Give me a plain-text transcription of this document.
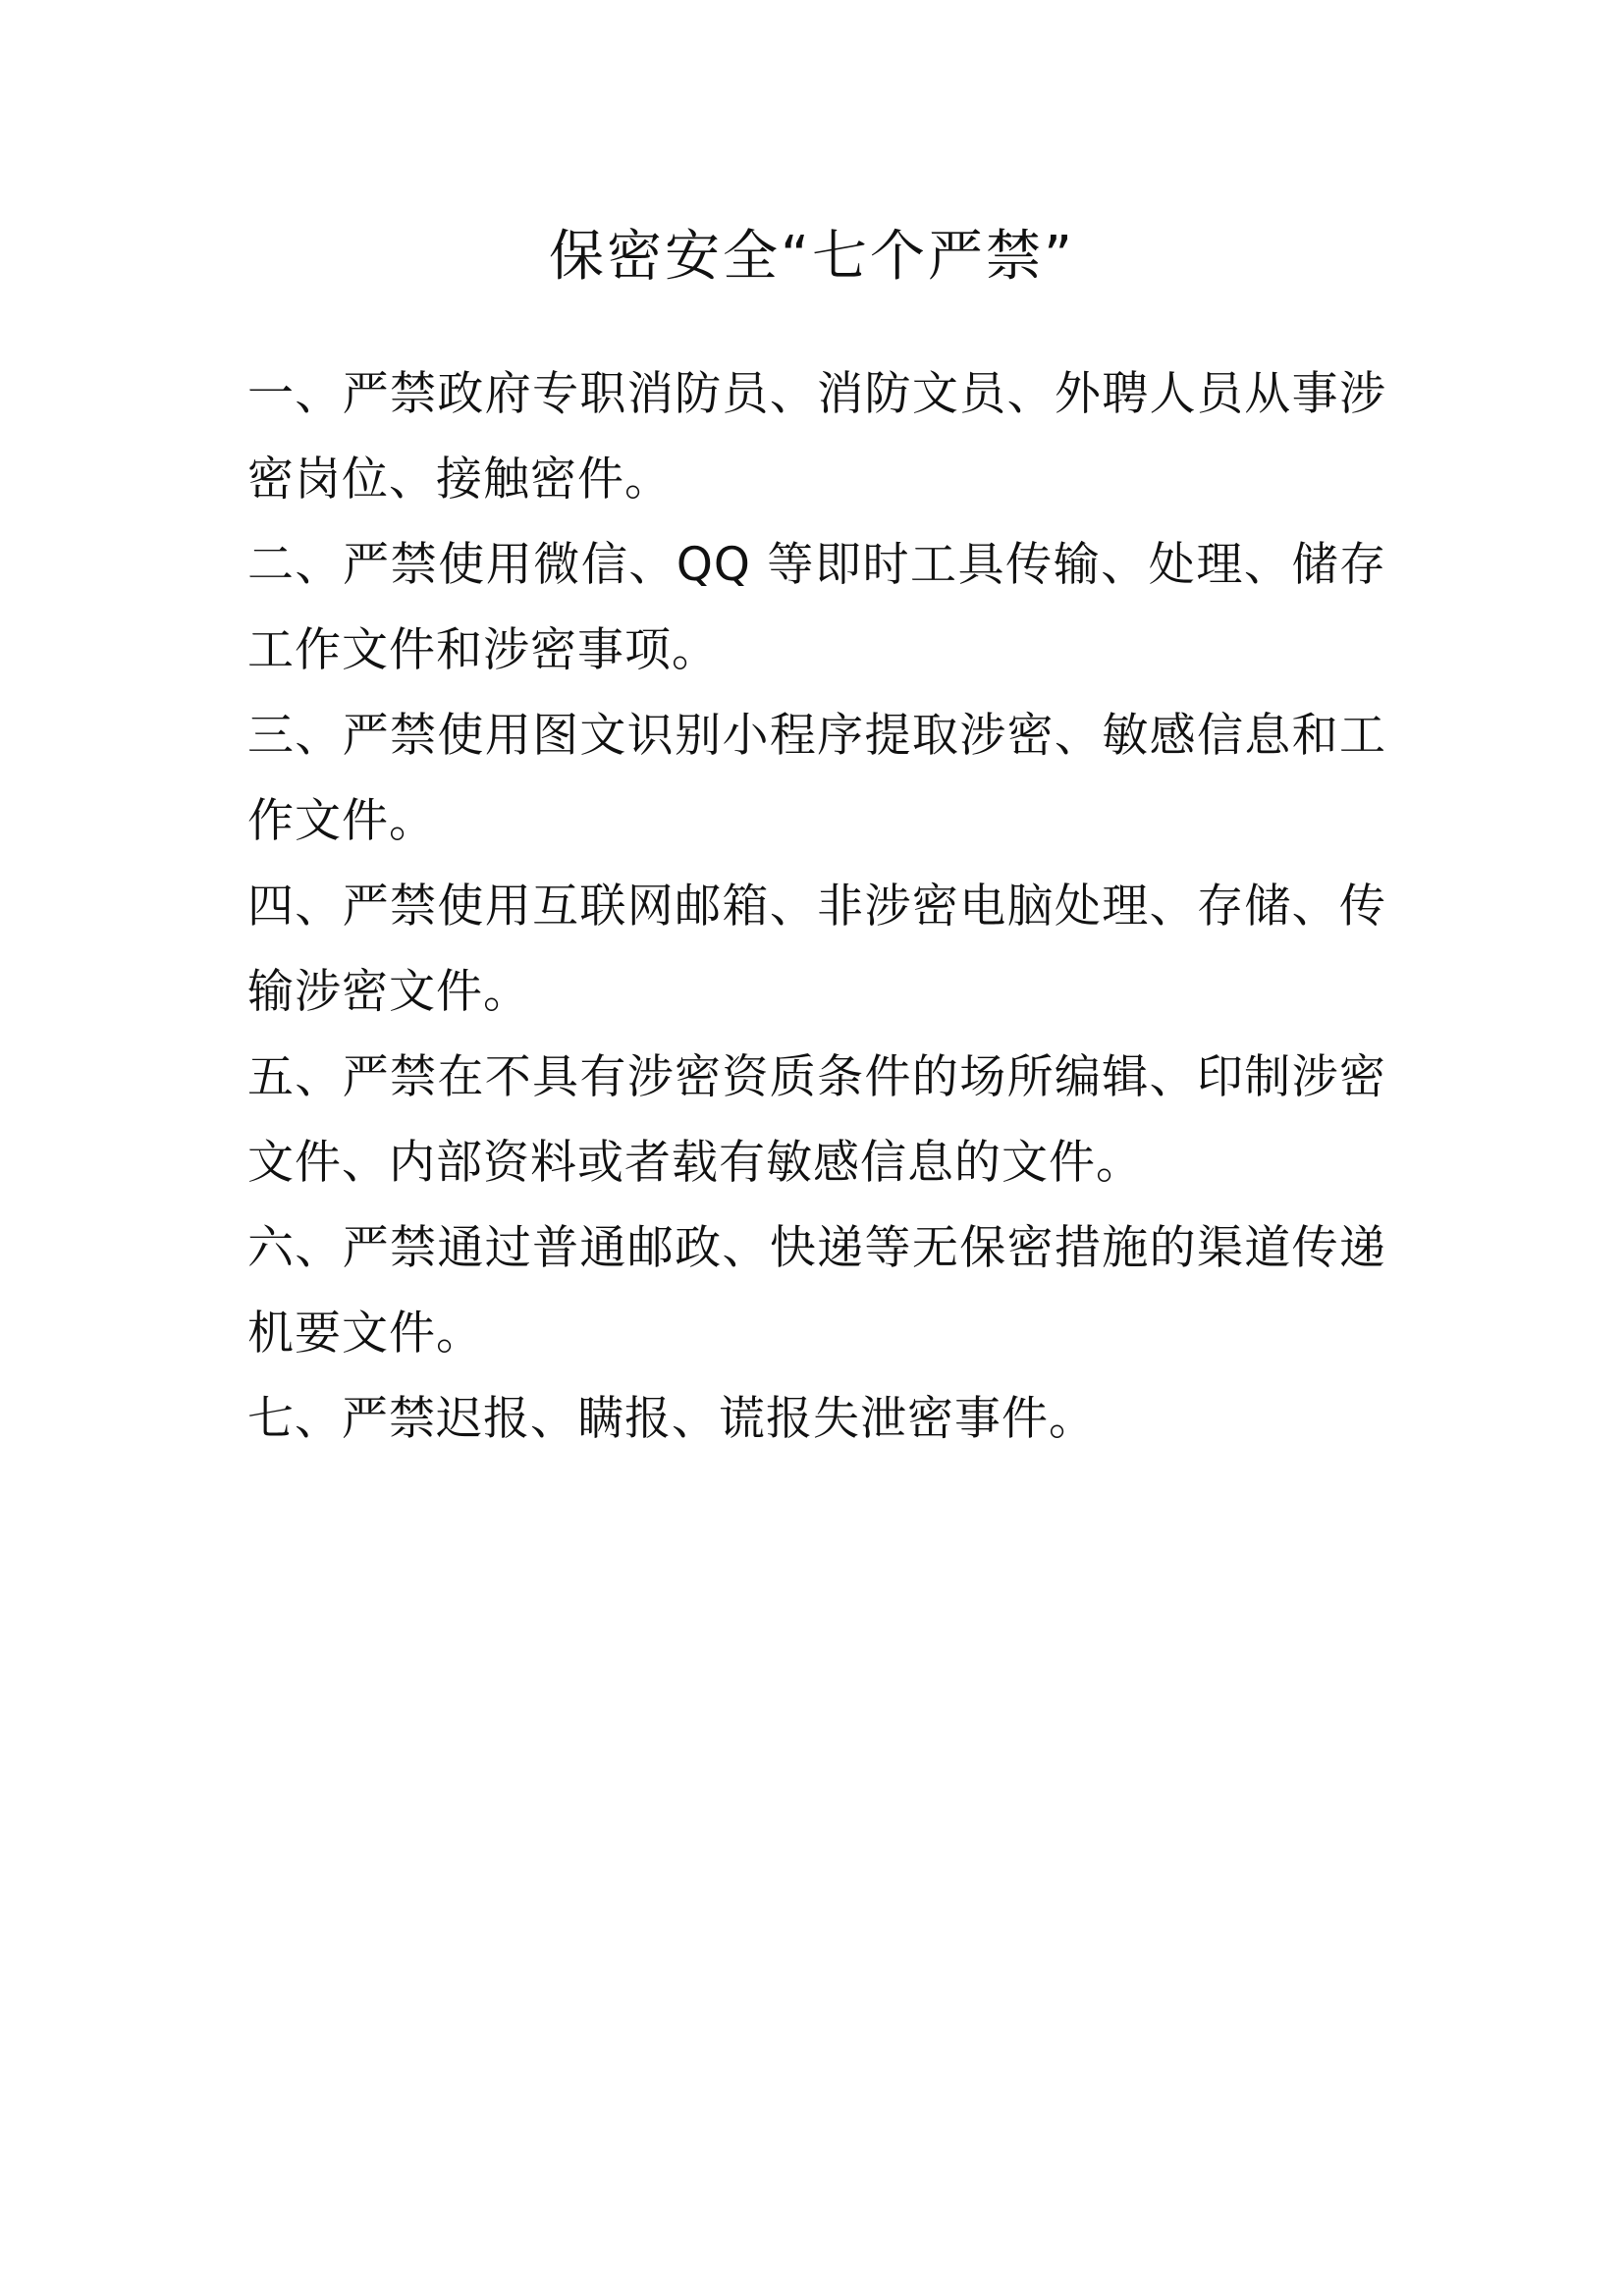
保密安全“七个严禁”
一、严禁政府专职消防员、消防文员、外聘人员从事涉密岗位、接触密件。
二、严禁使用微信、QQ 等即时工具传输、处理、储存工作文件和涉密事项。
三、严禁使用图文识别小程序提取涉密、敏感信息和工作文件。
四、严禁使用互联网邮箱、非涉密电脑处理、存储、传输涉密文件。
五、严禁在不具有涉密资质条件的场所编辑、印制涉密文件、内部资料或者载有敏感信息的文件。
六、严禁通过普通邮政、快递等无保密措施的渠道传递机要文件。
七、严禁迟报、瞒报、谎报失泄密事件。
